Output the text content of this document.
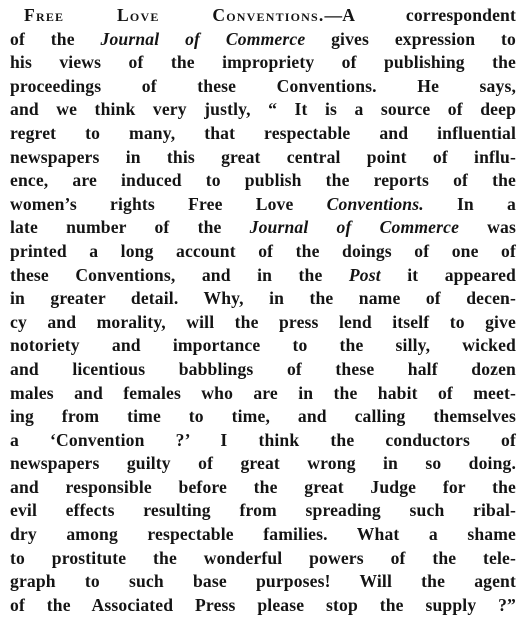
Free Love Conventions.—A correspondent
of the Journal of Commerce gives expression to
his views of the impropriety of publishing the
proceedings of these Conventions. He says,
and we think very justly, “ It is a source of deep
regret to many, that respectable and influential
newspapers in this great central point of influ-
ence, are induced to publish the reports of the
women’s rights Free Love Conventions. In a
late number of the Journal of Commerce was
printed a long account of the doings of one of
these Conventions, and in the Post it appeared
in greater detail. Why, in the name of decen-
cy and morality, will the press lend itself to give
notoriety and importance to the silly, wicked
and licentious babblings of these half dozen
males and females who are in the habit of meet-
ing from time to time, and calling themselves
a ‘Convention ?’ I think the conductors of
newspapers guilty of great wrong in so doing.
and responsible before the great Judge for the
evil effects resulting from spreading such ribal-
dry among respectable families. What a shame
to prostitute the wonderful powers of the tele-
graph to such base purposes! Will the agent
of the Associated Press please stop the supply ?”
